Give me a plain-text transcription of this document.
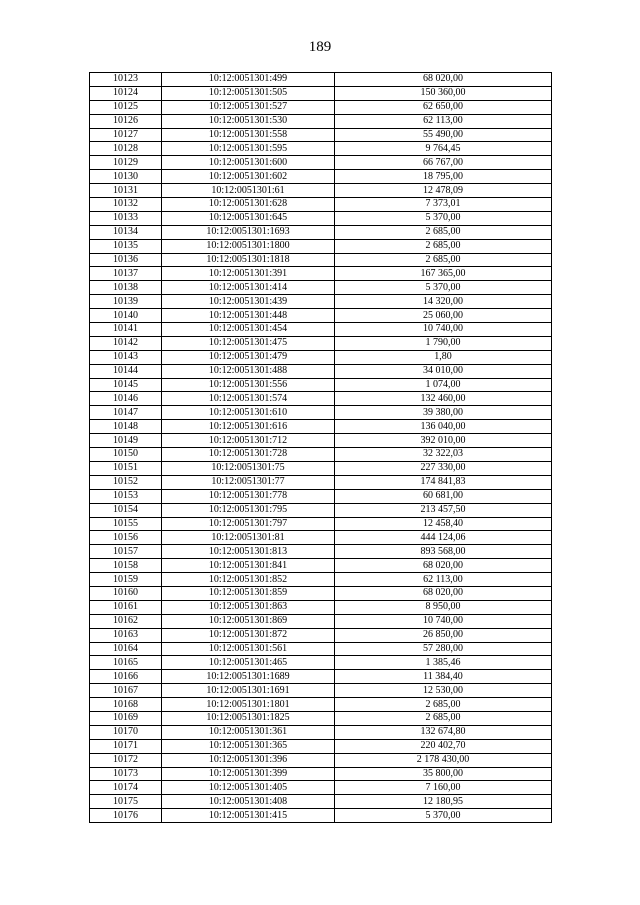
189
10123	10:12:0051301:499	68 020,00
10124	10:12:0051301:505	150 360,00
10125	10:12:0051301:527	62 650,00
10126	10:12:0051301:530	62 113,00
10127	10:12:0051301:558	55 490,00
10128	10:12:0051301:595	9 764,45
10129	10:12:0051301:600	66 767,00
10130	10:12:0051301:602	18 795,00
10131	10:12:0051301:61	12 478,09
10132	10:12:0051301:628	7 373,01
10133	10:12:0051301:645	5 370,00
10134	10:12:0051301:1693	2 685,00
10135	10:12:0051301:1800	2 685,00
10136	10:12:0051301:1818	2 685,00
10137	10:12:0051301:391	167 365,00
10138	10:12:0051301:414	5 370,00
10139	10:12:0051301:439	14 320,00
10140	10:12:0051301:448	25 060,00
10141	10:12:0051301:454	10 740,00
10142	10:12:0051301:475	1 790,00
10143	10:12:0051301:479	1,80
10144	10:12:0051301:488	34 010,00
10145	10:12:0051301:556	1 074,00
10146	10:12:0051301:574	132 460,00
10147	10:12:0051301:610	39 380,00
10148	10:12:0051301:616	136 040,00
10149	10:12:0051301:712	392 010,00
10150	10:12:0051301:728	32 322,03
10151	10:12:0051301:75	227 330,00
10152	10:12:0051301:77	174 841,83
10153	10:12:0051301:778	60 681,00
10154	10:12:0051301:795	213 457,50
10155	10:12:0051301:797	12 458,40
10156	10:12:0051301:81	444 124,06
10157	10:12:0051301:813	893 568,00
10158	10:12:0051301:841	68 020,00
10159	10:12:0051301:852	62 113,00
10160	10:12:0051301:859	68 020,00
10161	10:12:0051301:863	8 950,00
10162	10:12:0051301:869	10 740,00
10163	10:12:0051301:872	26 850,00
10164	10:12:0051301:561	57 280,00
10165	10:12:0051301:465	1 385,46
10166	10:12:0051301:1689	11 384,40
10167	10:12:0051301:1691	12 530,00
10168	10:12:0051301:1801	2 685,00
10169	10:12:0051301:1825	2 685,00
10170	10:12:0051301:361	132 674,80
10171	10:12:0051301:365	220 402,70
10172	10:12:0051301:396	2 178 430,00
10173	10:12:0051301:399	35 800,00
10174	10:12:0051301:405	7 160,00
10175	10:12:0051301:408	12 180,95
10176	10:12:0051301:415	5 370,00
